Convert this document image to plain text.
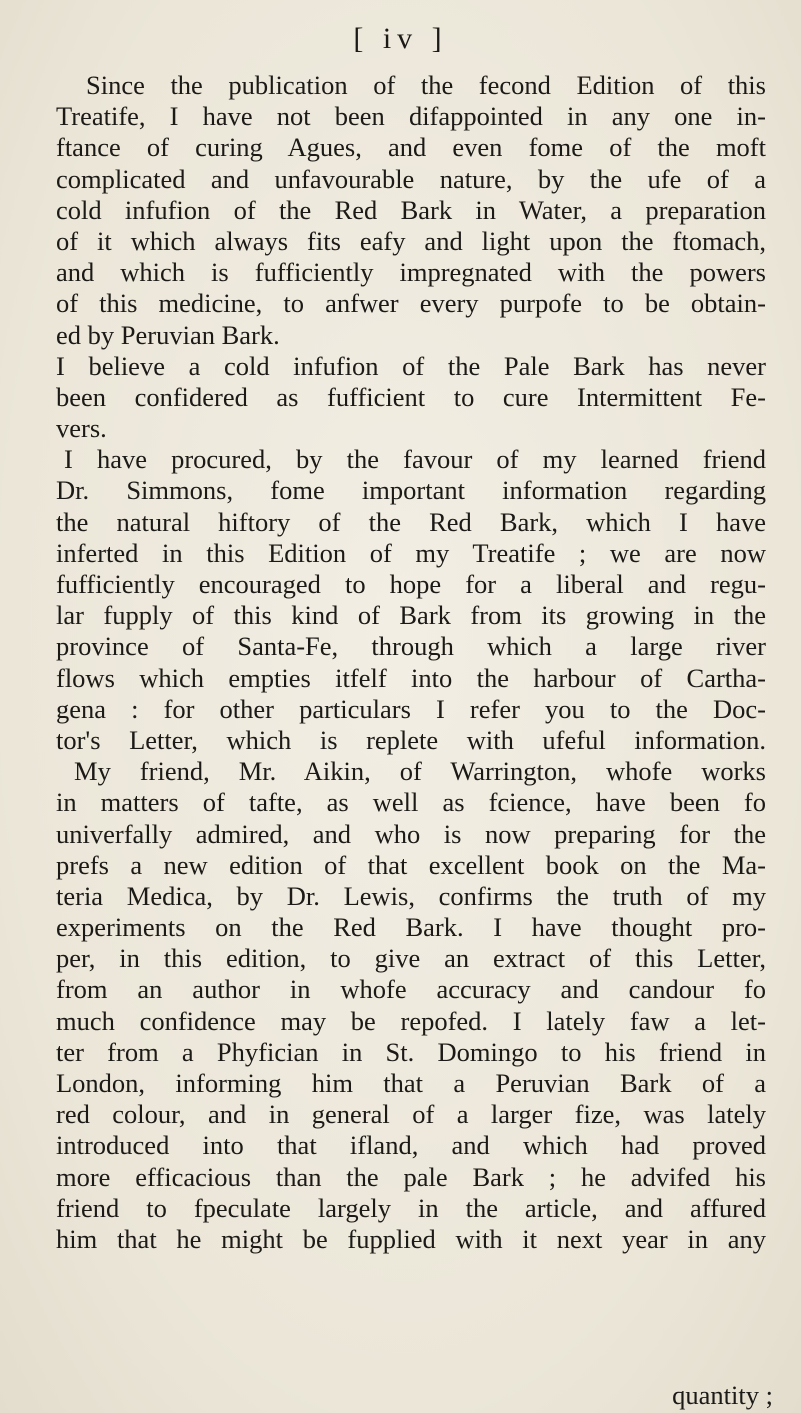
[ iv ]
Since the publication of the fecond Edition of this
Treatife, I have not been difappointed in any one in-
ftance of curing Agues, and even fome of the moft
complicated and unfavourable nature, by the ufe of a
cold infufion of the Red Bark in Water, a preparation
of it which always fits eafy and light upon the ftomach,
and which is fufficiently impregnated with the powers
of this medicine, to anfwer every purpofe to be obtain-
ed by Peruvian Bark.
I believe a cold infufion of the Pale Bark has never
been confidered as fufficient to cure Intermittent Fe-
vers.
I have procured, by the favour of my learned friend
Dr. Simmons, fome important information regarding
the natural hiftory of the Red Bark, which I have
inferted in this Edition of my Treatife ; we are now
fufficiently encouraged to hope for a liberal and regu-
lar fupply of this kind of Bark from its growing in the
province of Santa-Fe, through which a large river
flows which empties itfelf into the harbour of Cartha-
gena : for other particulars I refer you to the Doc-
tor's Letter, which is replete with ufeful information.
My friend, Mr. Aikin, of Warrington, whofe works
in matters of tafte, as well as fcience, have been fo
univerfally admired, and who is now preparing for the
prefs a new edition of that excellent book on the Ma-
teria Medica, by Dr. Lewis, confirms the truth of my
experiments on the Red Bark. I have thought pro-
per, in this edition, to give an extract of this Letter,
from an author in whofe accuracy and candour fo
much confidence may be repofed. I lately faw a let-
ter from a Phyfician in St. Domingo to his friend in
London, informing him that a Peruvian Bark of a
red colour, and in general of a larger fize, was lately
introduced into that ifland, and which had proved
more efficacious than the pale Bark ; he advifed his
friend to fpeculate largely in the article, and affured
him that he might be fupplied with it next year in any
quantity ;
